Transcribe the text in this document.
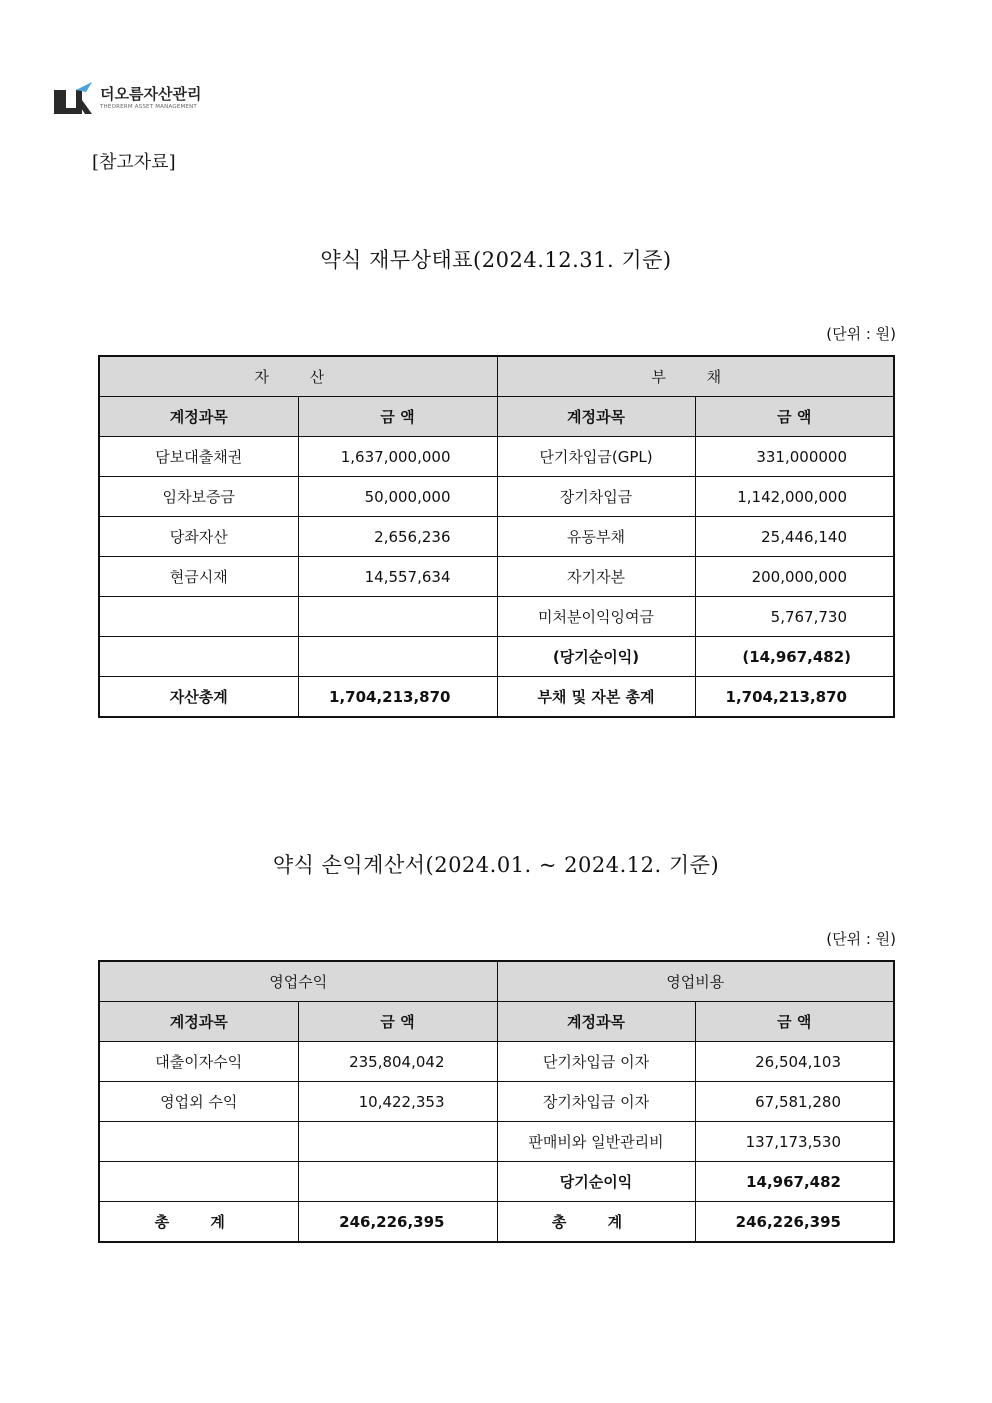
더오름자산관리
THEORERM ASSET MANAGEMENT
[참고자료]
약식 재무상태표(2024.12.31. 기준)
(단위 : 원)
자 산		부 채	
계정과목	금 액	계정과목	금 액
담보대출채권	1,637,000,000	단기차입금(GPL)	331,000000
임차보증금	50,000,000	장기차입금	1,142,000,000
당좌자산	2,656,236	유동부채	25,446,140
현금시재	14,557,634	자기자본	200,000,000
		미처분이익잉여금	5,767,730
		(당기순이익)	(14,967,482)
자산총계	1,704,213,870	부채 및 자본 총계	1,704,213,870
약식 손익계산서(2024.01. ~ 2024.12. 기준)
(단위 : 원)
영업수익		영업비용	
계정과목	금 액	계정과목	금 액
대출이자수익	235,804,042	단기차입금 이자	26,504,103
영업외 수익	10,422,353	장기차입금 이자	67,581,280
		판매비와 일반관리비	137,173,530
		당기순이익	14,967,482
총 계	246,226,395	총 계	246,226,395
